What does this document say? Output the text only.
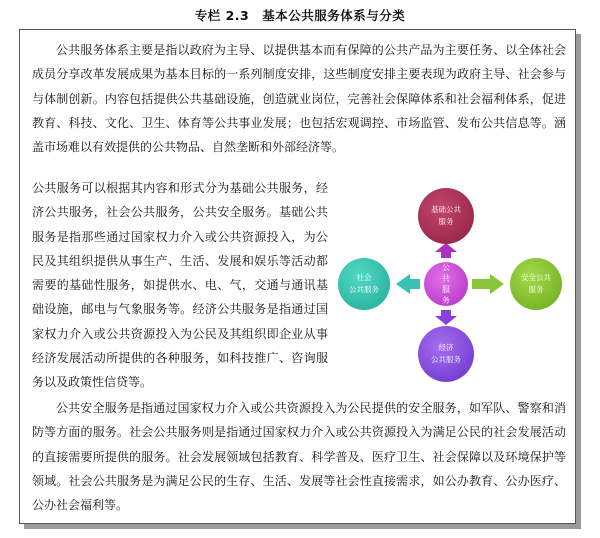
专栏 2.3　基本公共服务体系与分类

公共服务体系主要是指以政府为主导、以提供基本而有保障的公共产品为主要任务、以全体社会成员分享改革发展成果为基本目标的一系列制度安排，这些制度安排主要表现为政府主导、社会参与与体制创新。内容包括提供公共基础设施，创造就业岗位，完善社会保障体系和社会福利体系，促进教育、科技、文化、卫生、体育等公共事业发展；也包括宏观调控、市场监管、发布公共信息等。涵盖市场难以有效提供的公共物品、自然垄断和外部经济等。

公共服务可以根据其内容和形式分为基础公共服务，经济公共服务，社会公共服务，公共安全服务。基础公共服务是指那些通过国家权力介入或公共资源投入，为公民及其组织提供从事生产、生活、发展和娱乐等活动都需要的基础性服务，如提供水、电、气，交通与通讯基础设施，邮电与气象服务等。经济公共服务是指通过国家权力介入或公共资源投入为公民及其组织即企业从事经济发展活动所提供的各种服务，如科技推广、咨询服务以及政策性信贷等。

基础公共
服务
公
共
服
务
社会
公共服务
安全公共
服务
经济
公共服务

公共安全服务是指通过国家权力介入或公共资源投入为公民提供的安全服务，如军队、警察和消防等方面的服务。社会公共服务则是指通过国家权力介入或公共资源投入为满足公民的社会发展活动的直接需要所提供的服务。社会发展领域包括教育、科学普及、医疗卫生、社会保障以及环境保护等领域。社会公共服务是为满足公民的生存、生活、发展等社会性直接需求，如公办教育、公办医疗、公办社会福利等。
